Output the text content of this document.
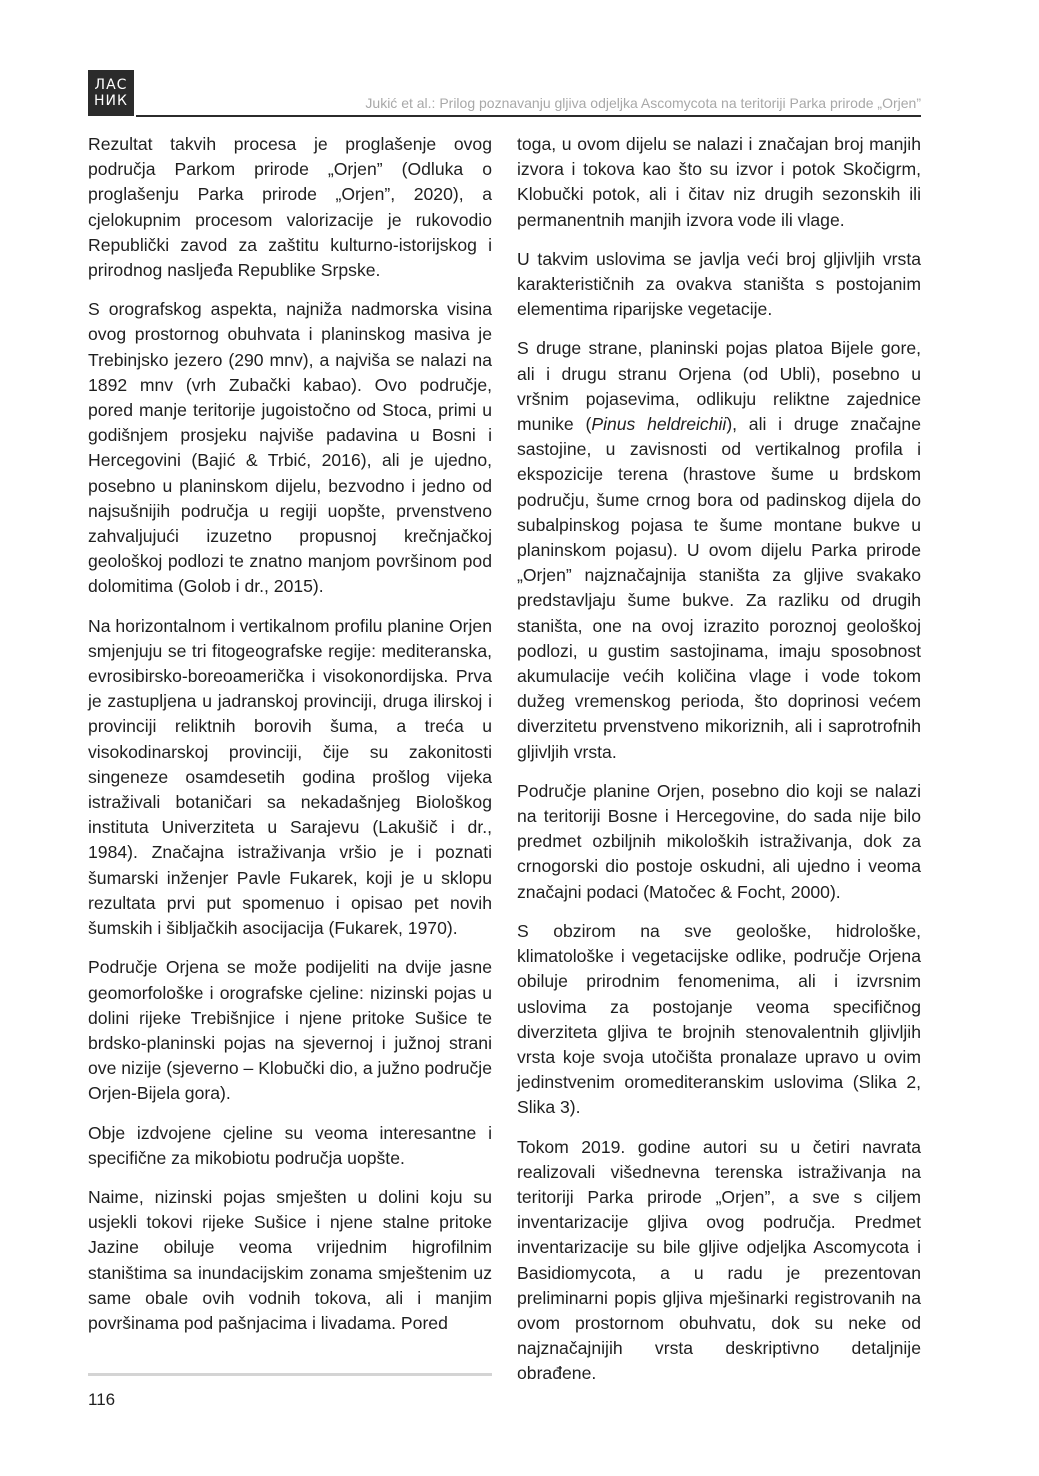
ЛАС
НИК	Jukić et al.: Prilog poznavanju gljiva odjeljka Ascomycota na teritoriji Parka prirode „Orjen”

Rezultat takvih procesa je proglašenje ovog područja Parkom prirode „Orjen” (Odluka o proglašenju Parka prirode „Orjen”, 2020), a cjelokupnim procesom valorizacije je rukovodio Republički zavod za zaštitu kulturno-istorijskog i prirodnog nasljeđa Republike Srpske.

S orografskog aspekta, najniža nadmorska visina ovog prostornog obuhvata i planinskog masiva je Trebinjsko jezero (290 mnv), a najviša se nalazi na 1892 mnv (vrh Zubački kabao). Ovo područje, pored manje teritorije jugoistočno od Stoca, primi u godišnjem prosjeku najviše padavina u Bosni i Hercegovini (Bajić & Trbić, 2016), ali je ujedno, posebno u planinskom dijelu, bezvodno i jedno od najsušnijih područja u regiji uopšte, prvenstveno zahvaljujući izuzetno propusnoj krečnjačkoj geološkoj podlozi te znatno manjom površinom pod dolomitima (Golob i dr., 2015).

Na horizontalnom i vertikalnom profilu planine Orjen smjenjuju se tri fitogeografske regije: mediteranska, evrosibirsko-boreoamerička i visokonordijska. Prva je zastupljena u jadranskoj provinciji, druga ilirskoj i provinciji reliktnih borovih šuma, a treća u visokodinarskoj provinciji, čije su zakonitosti singeneze osamdesetih godina prošlog vijeka istraživali botaničari sa nekadašnjeg Biološkog instituta Univerziteta u Sarajevu (Lakušič i dr., 1984). Značajna istraživanja vršio je i poznati šumarski inženjer Pavle Fukarek, koji je u sklopu rezultata prvi put spomenuo i opisao pet novih šumskih i šibljačkih asocijacija (Fukarek, 1970).

Područje Orjena se može podijeliti na dvije jasne geomorfološke i orografske cjeline: nizinski pojas u dolini rijeke Trebišnjice i njene pritoke Sušice te brdsko-planinski pojas na sjevernoj i južnoj strani ove nizije (sjeverno – Klobučki dio, a južno područje Orjen-Bijela gora).

Obje izdvojene cjeline su veoma interesantne i specifične za mikobiotu područja uopšte.

Naime, nizinski pojas smješten u dolini koju su usjekli tokovi rijeke Sušice i njene stalne pritoke Jazine obiluje veoma vrijednim higrofilnim staništima sa inundacijskim zonama smještenim uz same obale ovih vodnih tokova, ali i manjim površinama pod pašnjacima i livadama. Pored

toga, u ovom dijelu se nalazi i značajan broj manjih izvora i tokova kao što su izvor i potok Skočigrm, Klobučki potok, ali i čitav niz drugih sezonskih ili permanentnih manjih izvora vode ili vlage.

U takvim uslovima se javlja veći broj gljivljih vrsta karakterističnih za ovakva staništa s postojanim elementima riparijske vegetacije.

S druge strane, planinski pojas platoa Bijele gore, ali i drugu stranu Orjena (od Ubli), posebno u vršnim pojasevima, odlikuju reliktne zajednice munike (Pinus heldreichii), ali i druge značajne sastojine, u zavisnosti od vertikalnog profila i ekspozicije terena (hrastove šume u brdskom području, šume crnog bora od padinskog dijela do subalpinskog pojasa te šume montane bukve u planinskom pojasu). U ovom dijelu Parka prirode „Orjen” najznačajnija staništa za gljive svakako predstavljaju šume bukve. Za razliku od drugih staništa, one na ovoj izrazito poroznoj geološkoj podlozi, u gustim sastojinama, imaju sposobnost akumulacije većih količina vlage i vode tokom dužeg vremenskog perioda, što doprinosi većem diverzitetu prvenstveno mikoriznih, ali i saprotrofnih gljivljih vrsta.

Područje planine Orjen, posebno dio koji se nalazi na teritoriji Bosne i Hercegovine, do sada nije bilo predmet ozbiljnih mikoloških istraživanja, dok za crnogorski dio postoje oskudni, ali ujedno i veoma značajni podaci (Matočec & Focht, 2000).

S obzirom na sve geološke, hidrološke, klimatološke i vegetacijske odlike, područje Orjena obiluje prirodnim fenomenima, ali i izvrsnim uslovima za postojanje veoma specifičnog diverziteta gljiva te brojnih stenovalentnih gljivljih vrsta koje svoja utočišta pronalaze upravo u ovim jedinstvenim oromediteranskim uslovima (Slika 2, Slika 3).

Tokom 2019. godine autori su u četiri navrata realizovali višednevna terenska istraživanja na teritoriji Parka prirode „Orjen”, a sve s ciljem inventarizacije gljiva ovog područja. Predmet inventarizacije su bile gljive odjeljka Ascomycota i Basidiomycota, a u radu je prezentovan preliminarni popis gljiva mješinarki registrovanih na ovom prostornom obuhvatu, dok su neke od najznačajnijih vrsta deskriptivno detaljnije obrađene.

116
